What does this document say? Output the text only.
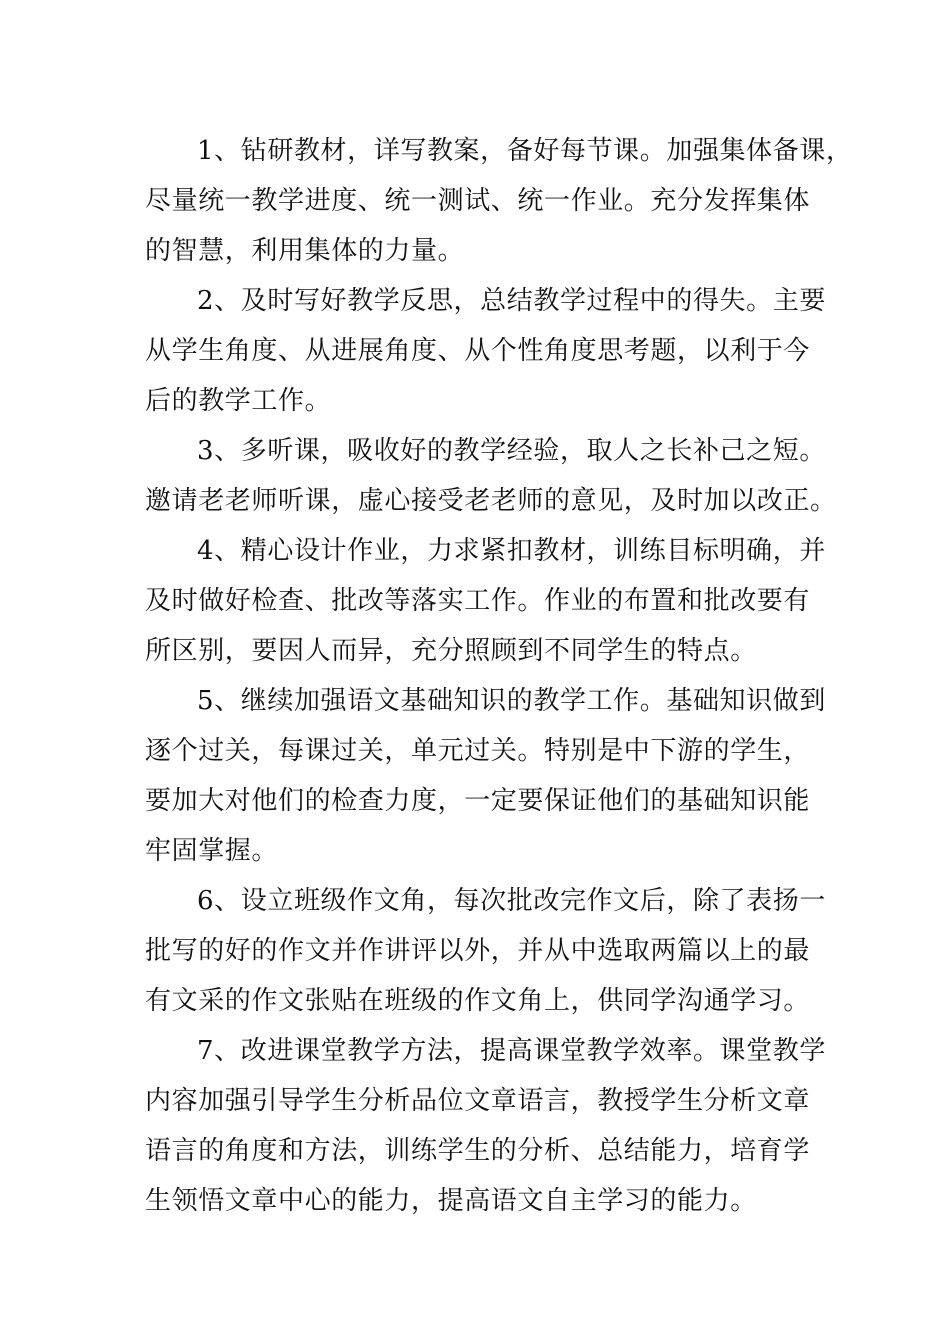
1、钻研教材，详写教案，备好每节课。加强集体备课，
尽量统一教学进度、统一测试、统一作业。充分发挥集体
的智慧，利用集体的力量。

2、及时写好教学反思，总结教学过程中的得失。主要
从学生角度、从进展角度、从个性角度思考题，以利于今
后的教学工作。

3、多听课，吸收好的教学经验，取人之长补己之短。
邀请老老师听课，虚心接受老老师的意见，及时加以改正。

4、精心设计作业，力求紧扣教材，训练目标明确，并
及时做好检查、批改等落实工作。作业的布置和批改要有
所区别，要因人而异，充分照顾到不同学生的特点。

5、继续加强语文基础知识的教学工作。基础知识做到
逐个过关，每课过关，单元过关。特别是中下游的学生，
要加大对他们的检查力度，一定要保证他们的基础知识能
牢固掌握。

6、设立班级作文角，每次批改完作文后，除了表扬一
批写的好的作文并作讲评以外，并从中选取两篇以上的最
有文采的作文张贴在班级的作文角上，供同学沟通学习。

7、改进课堂教学方法，提高课堂教学效率。课堂教学
内容加强引导学生分析品位文章语言，教授学生分析文章
语言的角度和方法，训练学生的分析、总结能力，培育学
生领悟文章中心的能力，提高语文自主学习的能力。
